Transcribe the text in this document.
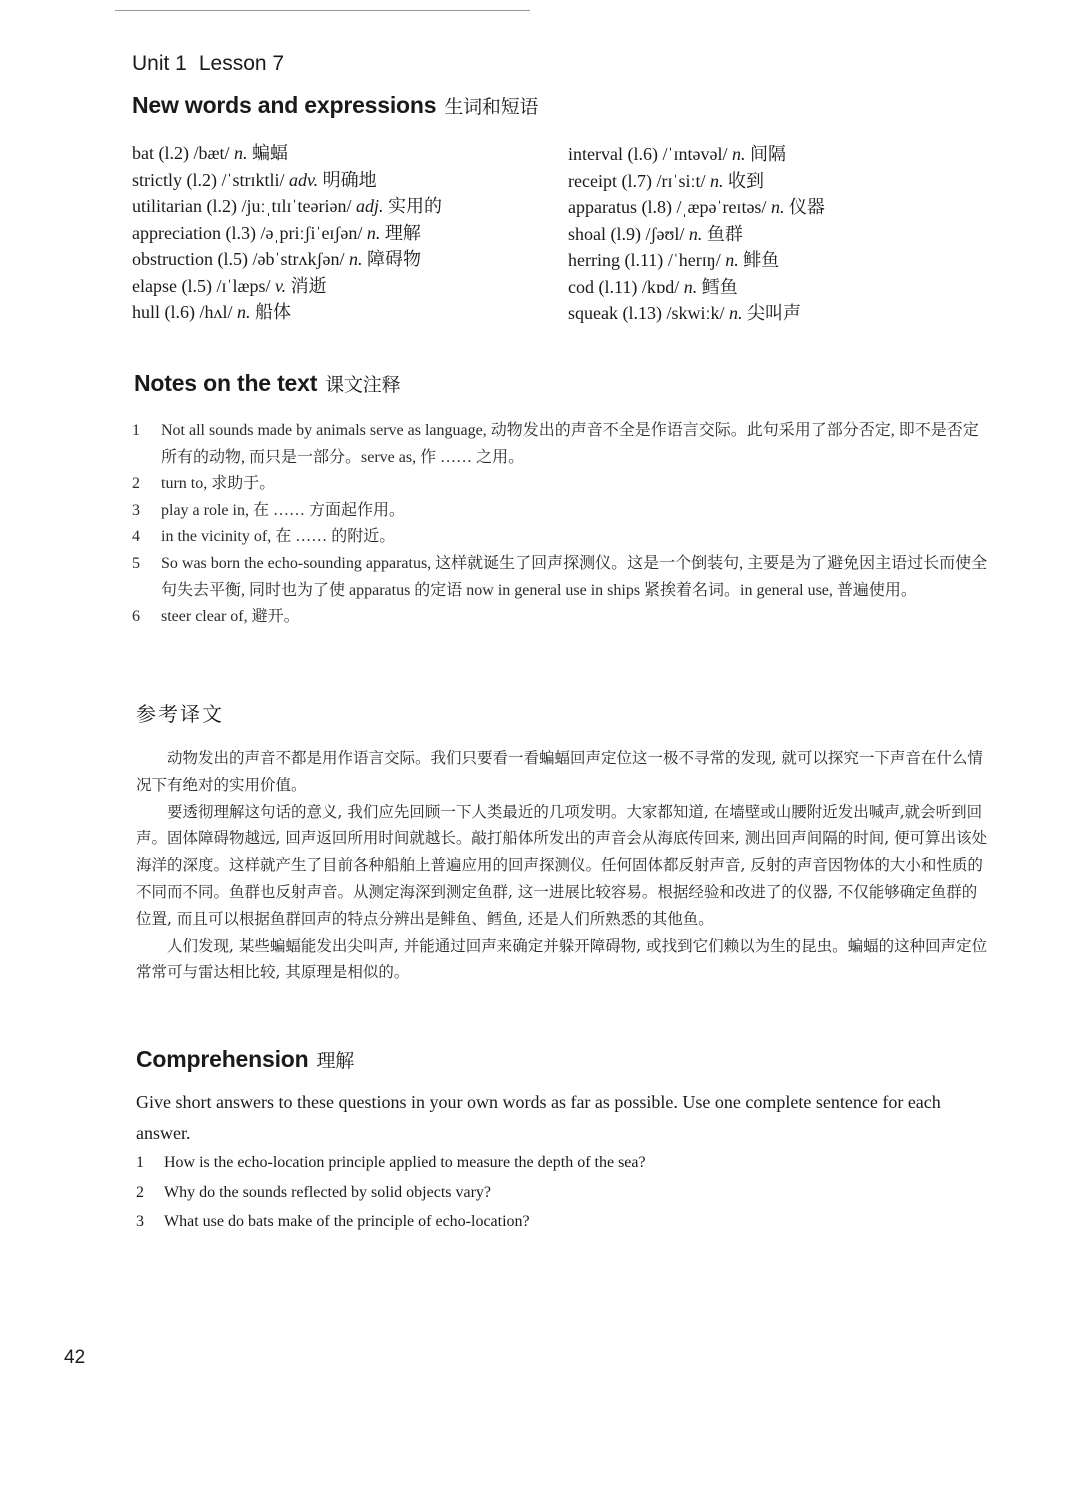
Unit 1 Lesson 7
New words and expressions 生词和短语
bat (l.2) /bæt/ n. 蝙蝠
strictly (l.2) /ˈstrɪktli/ adv. 明确地
utilitarian (l.2) /juːˌtɪlɪˈteəriən/ adj. 实用的
appreciation (l.3) /əˌpriːʃiˈeɪʃən/ n. 理解
obstruction (l.5) /əbˈstrʌkʃən/ n. 障碍物
elapse (l.5) /ɪˈlæps/ v. 消逝
hull (l.6) /hʌl/ n. 船体
interval (l.6) /ˈɪntəvəl/ n. 间隔
receipt (l.7) /rɪˈsiːt/ n. 收到
apparatus (l.8) /ˌæpəˈreɪtəs/ n. 仪器
shoal (l.9) /ʃəʊl/ n. 鱼群
herring (l.11) /ˈherɪŋ/ n. 鲱鱼
cod (l.11) /kɒd/ n. 鳕鱼
squeak (l.13) /skwiːk/ n. 尖叫声
Notes on the text 课文注释
1	Not all sounds made by animals serve as language, 动物发出的声音不全是作语言交际。此句采用了部分否定, 即不是否定所有的动物, 而只是一部分。serve as, 作 …… 之用。
2	turn to, 求助于。
3	play a role in, 在 …… 方面起作用。
4	in the vicinity of, 在 …… 的附近。
5	So was born the echo-sounding apparatus, 这样就诞生了回声探测仪。这是一个倒装句, 主要是为了避免因主语过长而使全句失去平衡, 同时也为了使 apparatus 的定语 now in general use in ships 紧挨着名词。in general use, 普遍使用。
6	steer clear of, 避开。
参考译文

动物发出的声音不都是用作语言交际。我们只要看一看蝙蝠回声定位这一极不寻常的发现, 就可以探究一下声音在什么情况下有绝对的实用价值。

要透彻理解这句话的意义, 我们应先回顾一下人类最近的几项发明。大家都知道, 在墙壁或山腰附近发出喊声,就会听到回声。固体障碍物越远, 回声返回所用时间就越长。敲打船体所发出的声音会从海底传回来, 测出回声间隔的时间, 便可算出该处海洋的深度。这样就产生了目前各种船舶上普遍应用的回声探测仪。任何固体都反射声音, 反射的声音因物体的大小和性质的不同而不同。鱼群也反射声音。从测定海深到测定鱼群, 这一进展比较容易。根据经验和改进了的仪器, 不仅能够确定鱼群的位置, 而且可以根据鱼群回声的特点分辨出是鲱鱼、鳕鱼, 还是人们所熟悉的其他鱼。

人们发现, 某些蝙蝠能发出尖叫声, 并能通过回声来确定并躲开障碍物, 或找到它们赖以为生的昆虫。蝙蝠的这种回声定位常常可与雷达相比较, 其原理是相似的。

Comprehension 理解
Give short answers to these questions in your own words as far as possible. Use one complete sentence for each answer.
1	How is the echo-location principle applied to measure the depth of the sea?
2	Why do the sounds reflected by solid objects vary?
3	What use do bats make of the principle of echo-location?
42
